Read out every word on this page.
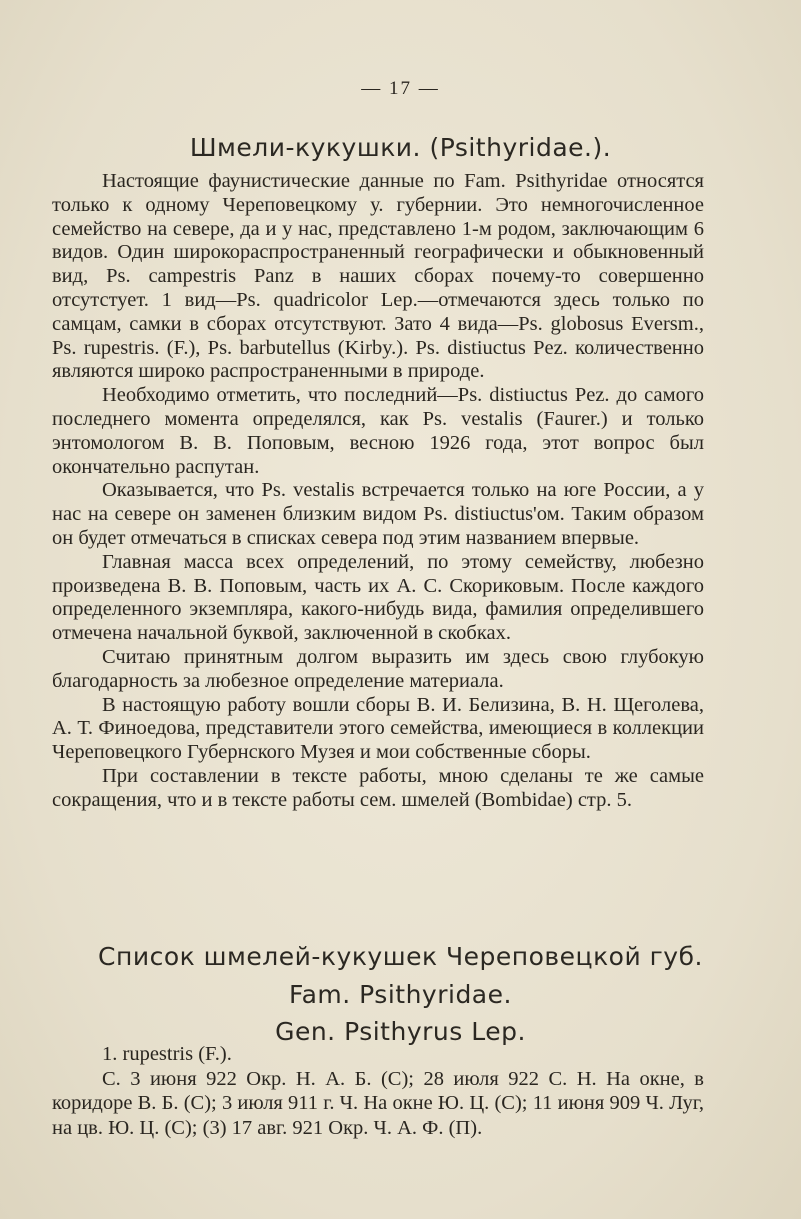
— 17 —
Шмели-кукушки. (Psithyridae.).

Настоящие фаунистические данные по Fam. Psithyridae относятся только к одному Череповецкому у. губернии. Это немногочисленное семейство на севере, да и у нас, представлено 1-м родом, заключающим 6 видов. Один широкораспространенный географически и обыкновенный вид, Ps. campestris Panz в наших сборах почему-то совершенно отсутстует. 1 вид—Ps. quadricolor Lep.—отмечаются здесь только по самцам, самки в сборах отсутствуют. Зато 4 вида—Ps. globosus Eversm., Ps. rupestris. (F.), Ps. barbutellus (Kirby.). Ps. distiuctus Pez. количественно являются широко распространенными в природе.

Необходимо отметить, что последний—Ps. distiuctus Pez. до самого последнего момента определялся, как Ps. vestalis (Faurer.) и только энтомологом В. В. Поповым, весною 1926 года, этот вопрос был окончательно распутан.

Оказывается, что Ps. vestalis встречается только на юге России, а у нас на севере он заменен близким видом Ps. distiuctus'ом. Таким образом он будет отмечаться в списках севера под этим названием впервые.

Главная масса всех определений, по этому семейству, любезно произведена В. В. Поповым, часть их А. С. Скориковым. После каждого определенного экземпляра, какого-нибудь вида, фамилия определившего отмечена начальной буквой, заключенной в скобках.

Считаю принятным долгом выразить им здесь свою глубокую благодарность за любезное определение материала.

В настоящую работу вошли сборы В. И. Белизина, В. Н. Щеголева, А. Т. Финоедова, представители этого семейства, имеющиеся в коллекции Череповецкого Губернского Музея и мои собственные сборы.

При составлении в тексте работы, мною сделаны те же самые сокращения, что и в тексте работы сем. шмелей (Bombidae) стр. 5.

Список шмелей-кукушек Череповецкой губ.
Fam. Psithyridae.
Gen. Psithyrus Lep.

1. rupestris (F.).

С. 3 июня 922 Окр. Н. А. Б. (С); 28 июля 922 С. Н. На окне, в коридоре В. Б. (С); 3 июля 911 г. Ч. На окне Ю. Ц. (С); 11 июня 909 Ч. Луг, на цв. Ю. Ц. (С); (3) 17 авг. 921 Окр. Ч. А. Ф. (П).
